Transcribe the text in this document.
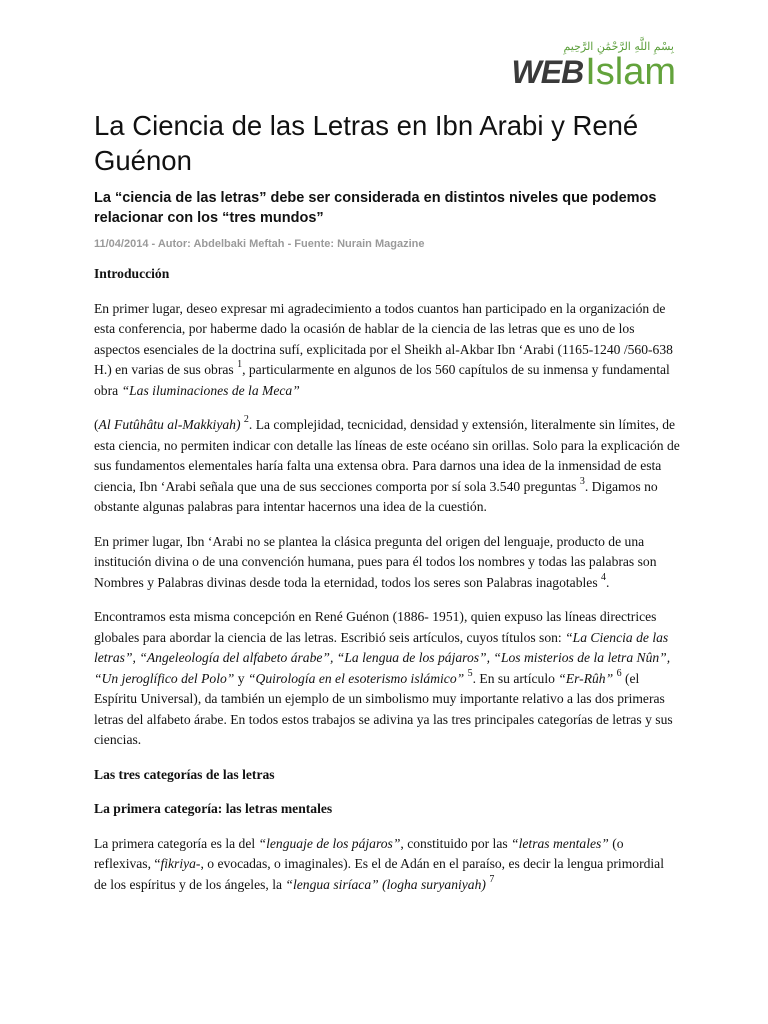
بِسْمِ اللَّهِ الرَّحْمَٰنِ الرَّحِيمِ
WEB Islam
La Ciencia de las Letras en Ibn Arabi y René Guénon
La “ciencia de las letras” debe ser considerada en distintos niveles que podemos relacionar con los “tres mundos”
11/04/2014 - Autor: Abdelbaki Meftah - Fuente: Nurain Magazine
Introducción

En primer lugar, deseo expresar mi agradecimiento a todos cuantos han participado en la organización de esta conferencia, por haberme dado la ocasión de hablar de la ciencia de las letras que es uno de los aspectos esenciales de la doctrina sufí, explicitada por el Sheikh al-Akbar Ibn ‘Arabi (1165-1240 /560-638 H.) en varias de sus obras $^1$, particularmente en algunos de los 560 capítulos de su inmensa y fundamental obra “Las iluminaciones de la Meca”

(Al Futûhâtu al-Makkiyah) $^2$. La complejidad, tecnicidad, densidad y extensión, literalmente sin límites, de esta ciencia, no permiten indicar con detalle las líneas de este océano sin orillas. Solo para la explicación de sus fundamentos elementales haría falta una extensa obra. Para darnos una idea de la inmensidad de esta ciencia, Ibn ‘Arabi señala que una de sus secciones comporta por sí sola 3.540 preguntas $^3$. Digamos no obstante algunas palabras para intentar hacernos una idea de la cuestión.

En primer lugar, Ibn ‘Arabi no se plantea la clásica pregunta del origen del lenguaje, producto de una institución divina o de una convención humana, pues para él todos los nombres y todas las palabras son Nombres y Palabras divinas desde toda la eternidad, todos los seres son Palabras inagotables $^4$.

Encontramos esta misma concepción en René Guénon (1886- 1951), quien expuso las líneas directrices globales para abordar la ciencia de las letras. Escribió seis artículos, cuyos títulos son: “La Ciencia de las letras”, “Angeleología del alfabeto árabe”, “La lengua de los pájaros”, “Los misterios de la letra Nûn”, “Un jeroglífico del Polo” y “Quirología en el esoterismo islámico” $^5$. En su artículo “Er-Rûh” $^6$ (el Espíritu Universal), da también un ejemplo de un simbolismo muy importante relativo a las dos primeras letras del alfabeto árabe. En todos estos trabajos se adivina ya las tres principales categorías de letras y sus ciencias.

Las tres categorías de las letras
La primera categoría: las letras mentales

La primera categoría es la del “lenguaje de los pájaros”, constituido por las “letras mentales” (o reflexivas, “fikriya-, o evocadas, o imaginales). Es el de Adán en el paraíso, es decir la lengua primordial de los espíritus y de los ángeles, la “lengua siríaca” (logha suryaniyah) $^7$
